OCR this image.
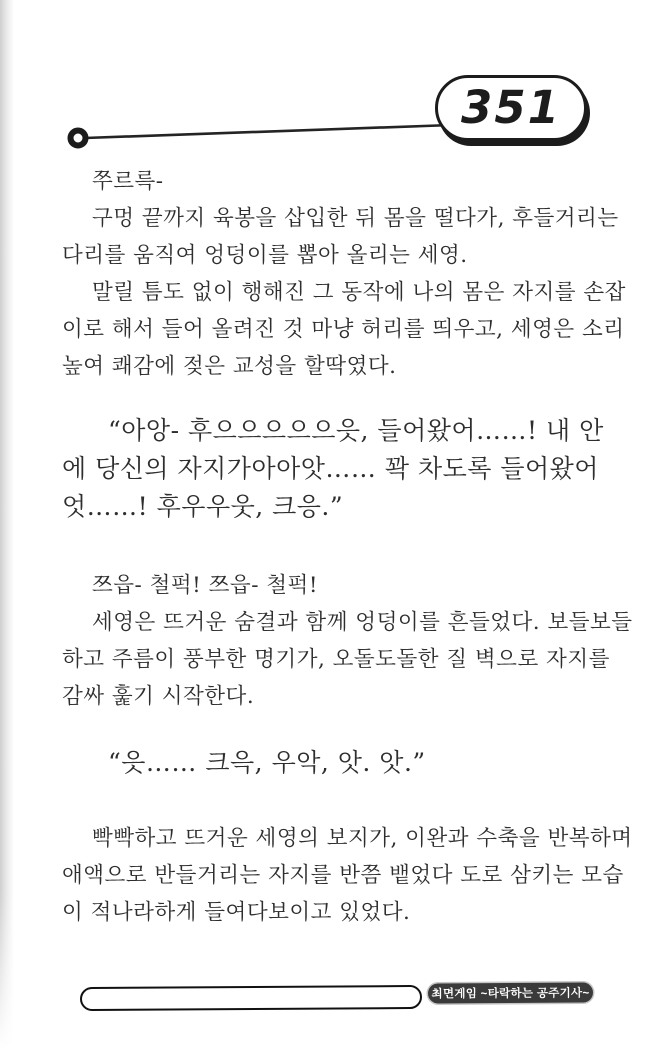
351
쭈르륵-
구멍 끝까지 육봉을 삽입한 뒤 몸을 떨다가, 후들거리는
다리를 움직여 엉덩이를 뽑아 올리는 세영.
말릴 틈도 없이 행해진 그 동작에 나의 몸은 자지를 손잡
이로 해서 들어 올려진 것 마냥 허리를 띄우고, 세영은 소리
높여 쾌감에 젖은 교성을 할딱였다.
“아앙- 후으으으으으읏, 들어왔어……! 내 안
에 당신의 자지가아아앗…… 꽉 차도록 들어왔어
엇……! 후우우웃, 크응.”
쯔읍- 철퍽! 쯔읍- 철퍽!
세영은 뜨거운 숨결과 함께 엉덩이를 흔들었다. 보들보들
하고 주름이 풍부한 명기가, 오돌도돌한 질 벽으로 자지를
감싸 훑기 시작한다.
“읏…… 크윽, 우악, 앗. 앗.”
빡빡하고 뜨거운 세영의 보지가, 이완과 수축을 반복하며
애액으로 반들거리는 자지를 반쯤 뱉었다 도로 삼키는 모습
이 적나라하게 들여다보이고 있었다.
최면게임 ~타락하는 공주기사~
